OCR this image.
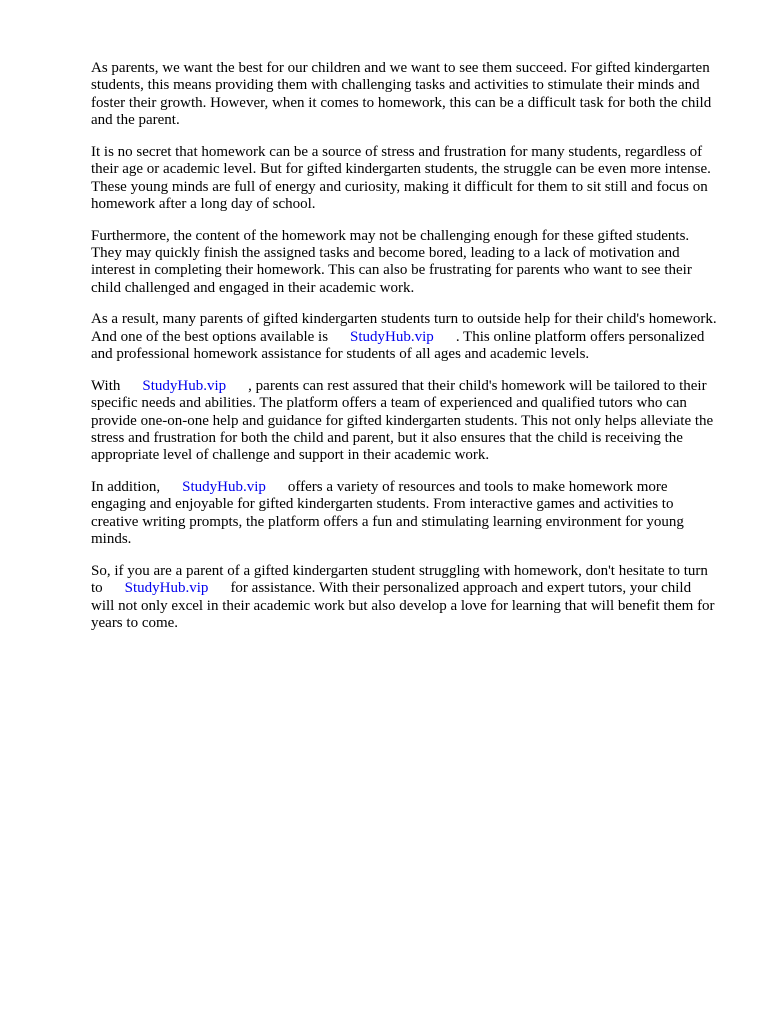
As parents, we want the best for our children and we want to see them succeed. For gifted kindergarten students, this means providing them with challenging tasks and activities to stimulate their minds and foster their growth. However, when it comes to homework, this can be a difficult task for both the child and the parent.

It is no secret that homework can be a source of stress and frustration for many students, regardless of their age or academic level. But for gifted kindergarten students, the struggle can be even more intense. These young minds are full of energy and curiosity, making it difficult for them to sit still and focus on homework after a long day of school.

Furthermore, the content of the homework may not be challenging enough for these gifted students. They may quickly finish the assigned tasks and become bored, leading to a lack of motivation and interest in completing their homework. This can also be frustrating for parents who want to see their child challenged and engaged in their academic work.

As a result, many parents of gifted kindergarten students turn to outside help for their child's homework. And one of the best options available is StudyHub.vip . This online platform offers personalized and professional homework assistance for students of all ages and academic levels.

With StudyHub.vip , parents can rest assured that their child's homework will be tailored to their specific needs and abilities. The platform offers a team of experienced and qualified tutors who can provide one-on-one help and guidance for gifted kindergarten students. This not only helps alleviate the stress and frustration for both the child and parent, but it also ensures that the child is receiving the appropriate level of challenge and support in their academic work.

In addition, StudyHub.vip offers a variety of resources and tools to make homework more engaging and enjoyable for gifted kindergarten students. From interactive games and activities to creative writing prompts, the platform offers a fun and stimulating learning environment for young minds.

So, if you are a parent of a gifted kindergarten student struggling with homework, don't hesitate to turn to StudyHub.vip for assistance. With their personalized approach and expert tutors, your child will not only excel in their academic work but also develop a love for learning that will benefit them for years to come.
